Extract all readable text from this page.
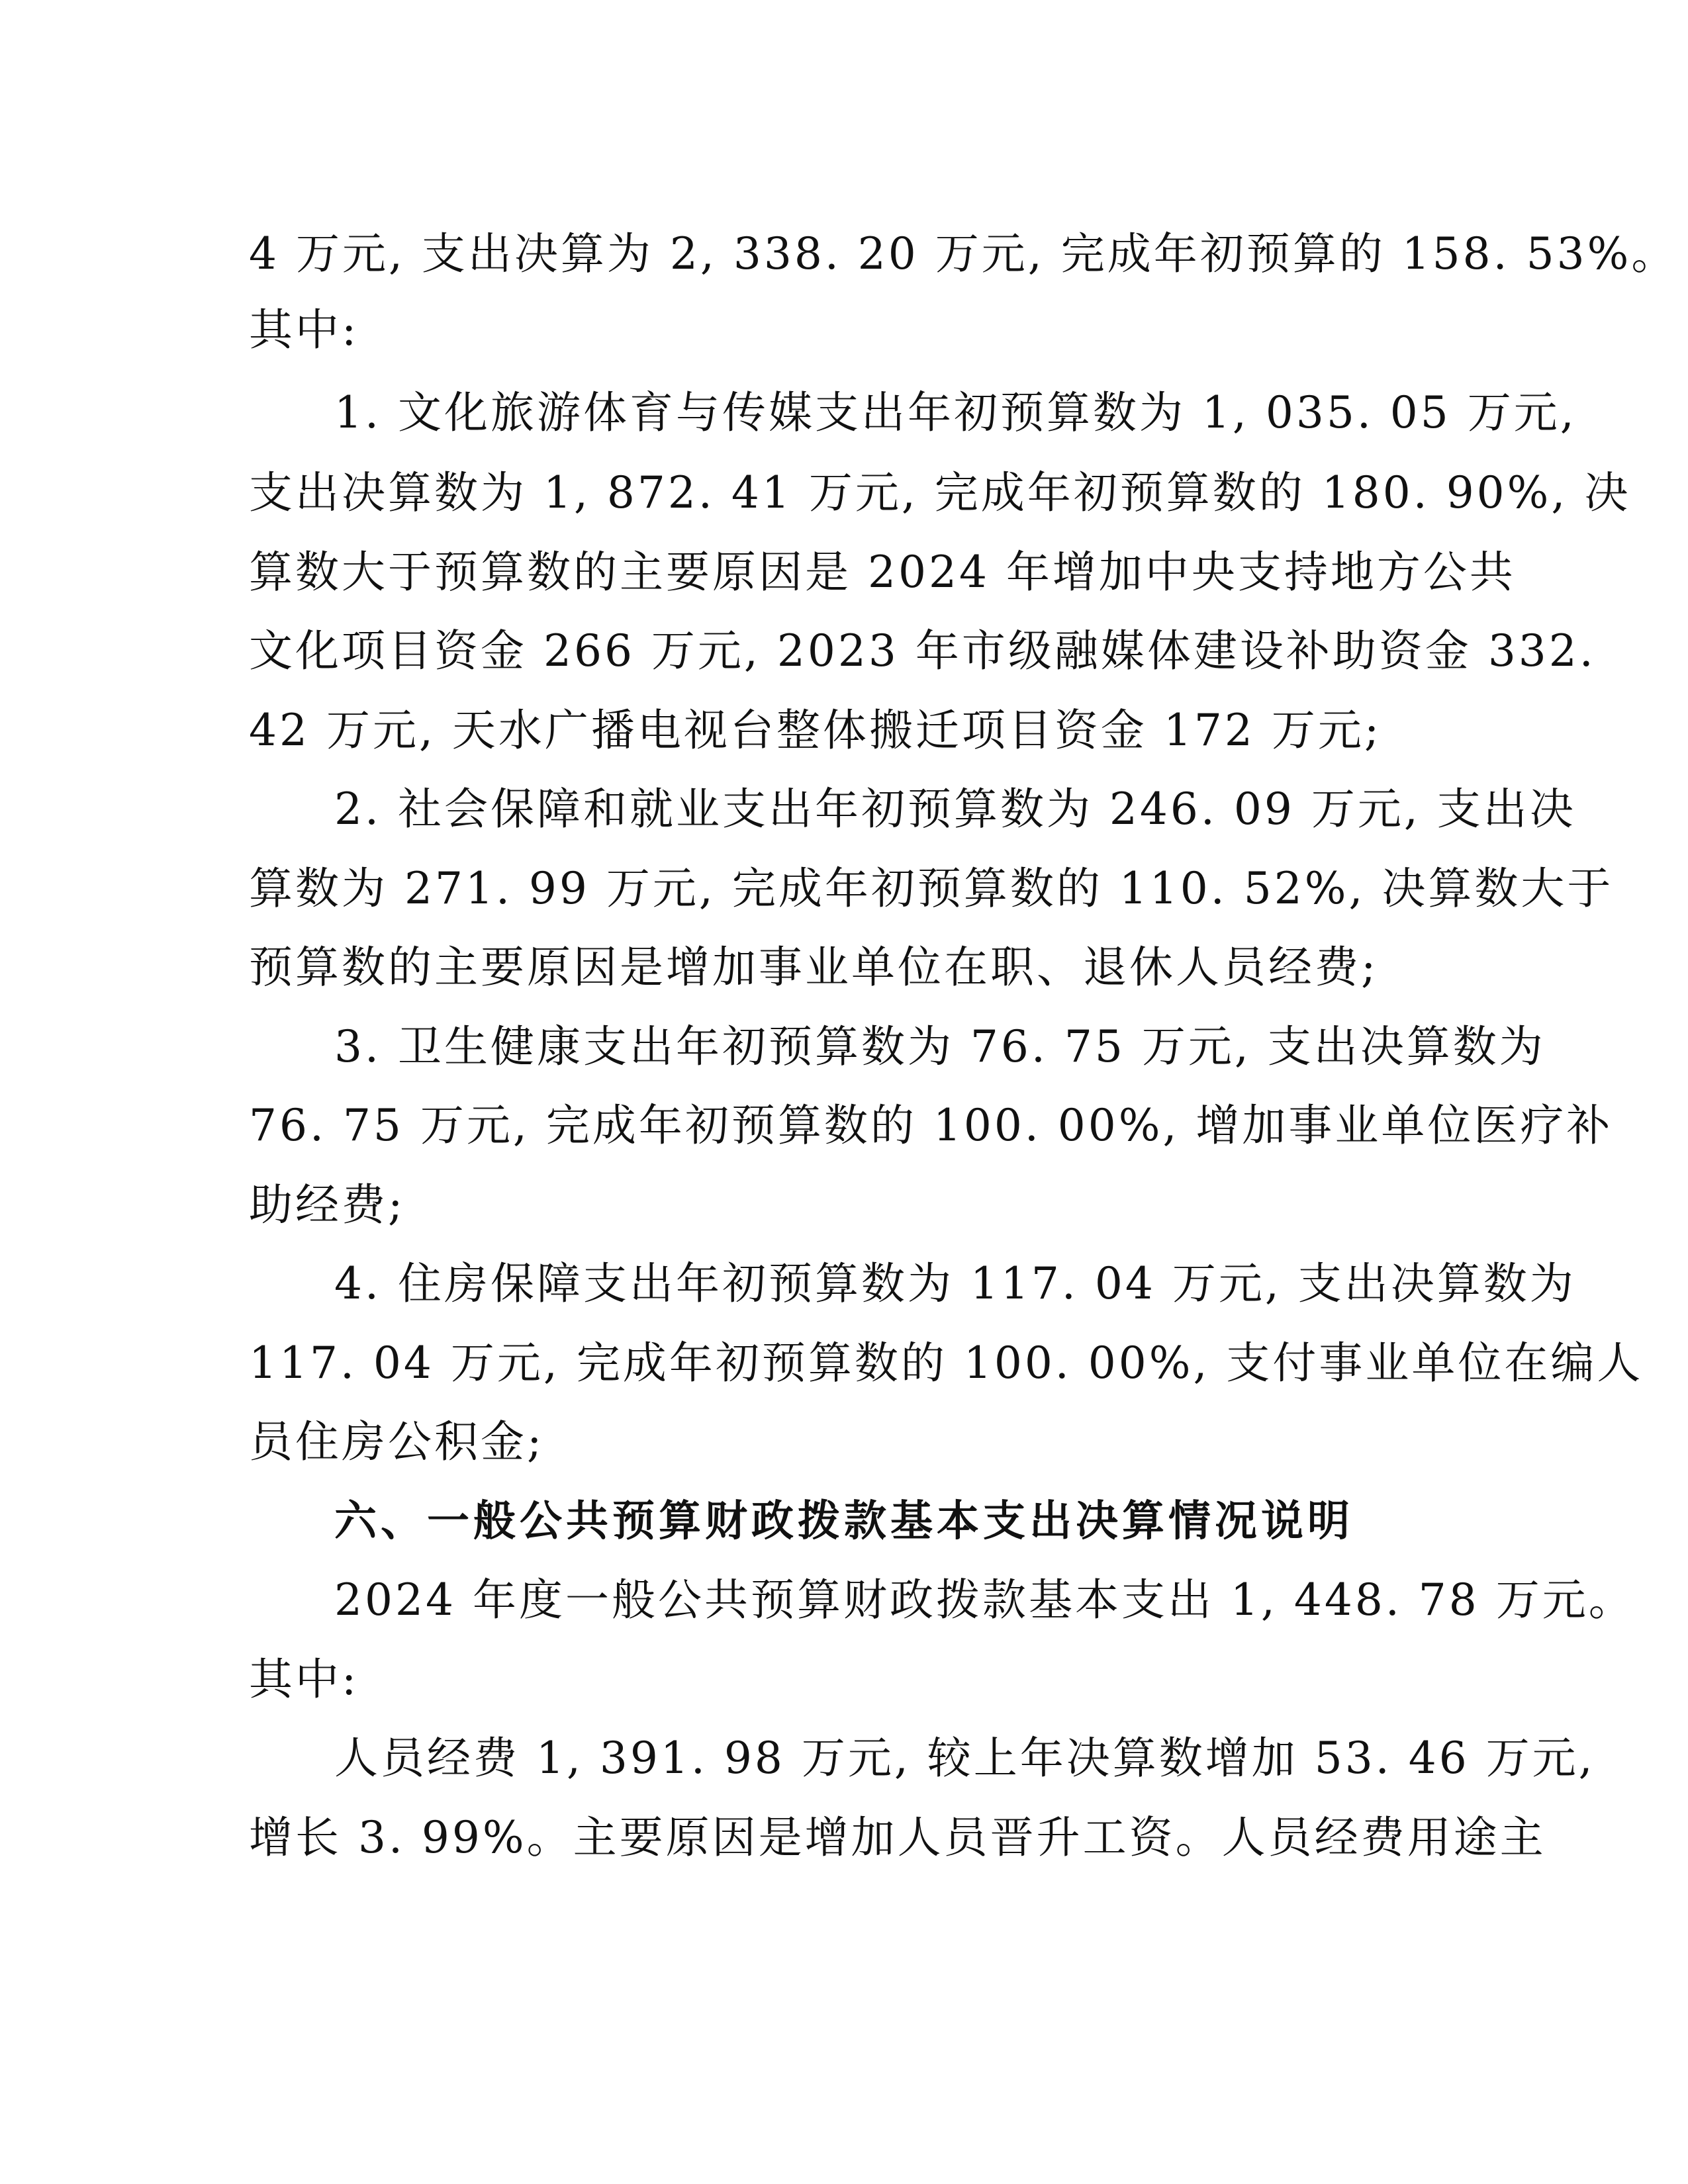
4 万元, 支出决算为 2, 338. 20 万元, 完成年初预算的 158. 53%。
其中:
1. 文化旅游体育与传媒支出年初预算数为 1, 035. 05 万元,
支出决算数为 1, 872. 41 万元, 完成年初预算数的 180. 90%, 决
算数大于预算数的主要原因是 2024 年增加中央支持地方公共
文化项目资金 266 万元, 2023 年市级融媒体建设补助资金 332.
42 万元, 天水广播电视台整体搬迁项目资金 172 万元;
2. 社会保障和就业支出年初预算数为 246. 09 万元, 支出决
算数为 271. 99 万元, 完成年初预算数的 110. 52%, 决算数大于
预算数的主要原因是增加事业单位在职、退休人员经费;
3. 卫生健康支出年初预算数为 76. 75 万元, 支出决算数为
76. 75 万元, 完成年初预算数的 100. 00%, 增加事业单位医疗补
助经费;
4. 住房保障支出年初预算数为 117. 04 万元, 支出决算数为
117. 04 万元, 完成年初预算数的 100. 00%, 支付事业单位在编人
员住房公积金;
六、一般公共预算财政拨款基本支出决算情况说明
2024 年度一般公共预算财政拨款基本支出 1, 448. 78 万元。
其中:
人员经费 1, 391. 98 万元, 较上年决算数增加 53. 46 万元,
增长 3. 99%。主要原因是增加人员晋升工资。人员经费用途主
